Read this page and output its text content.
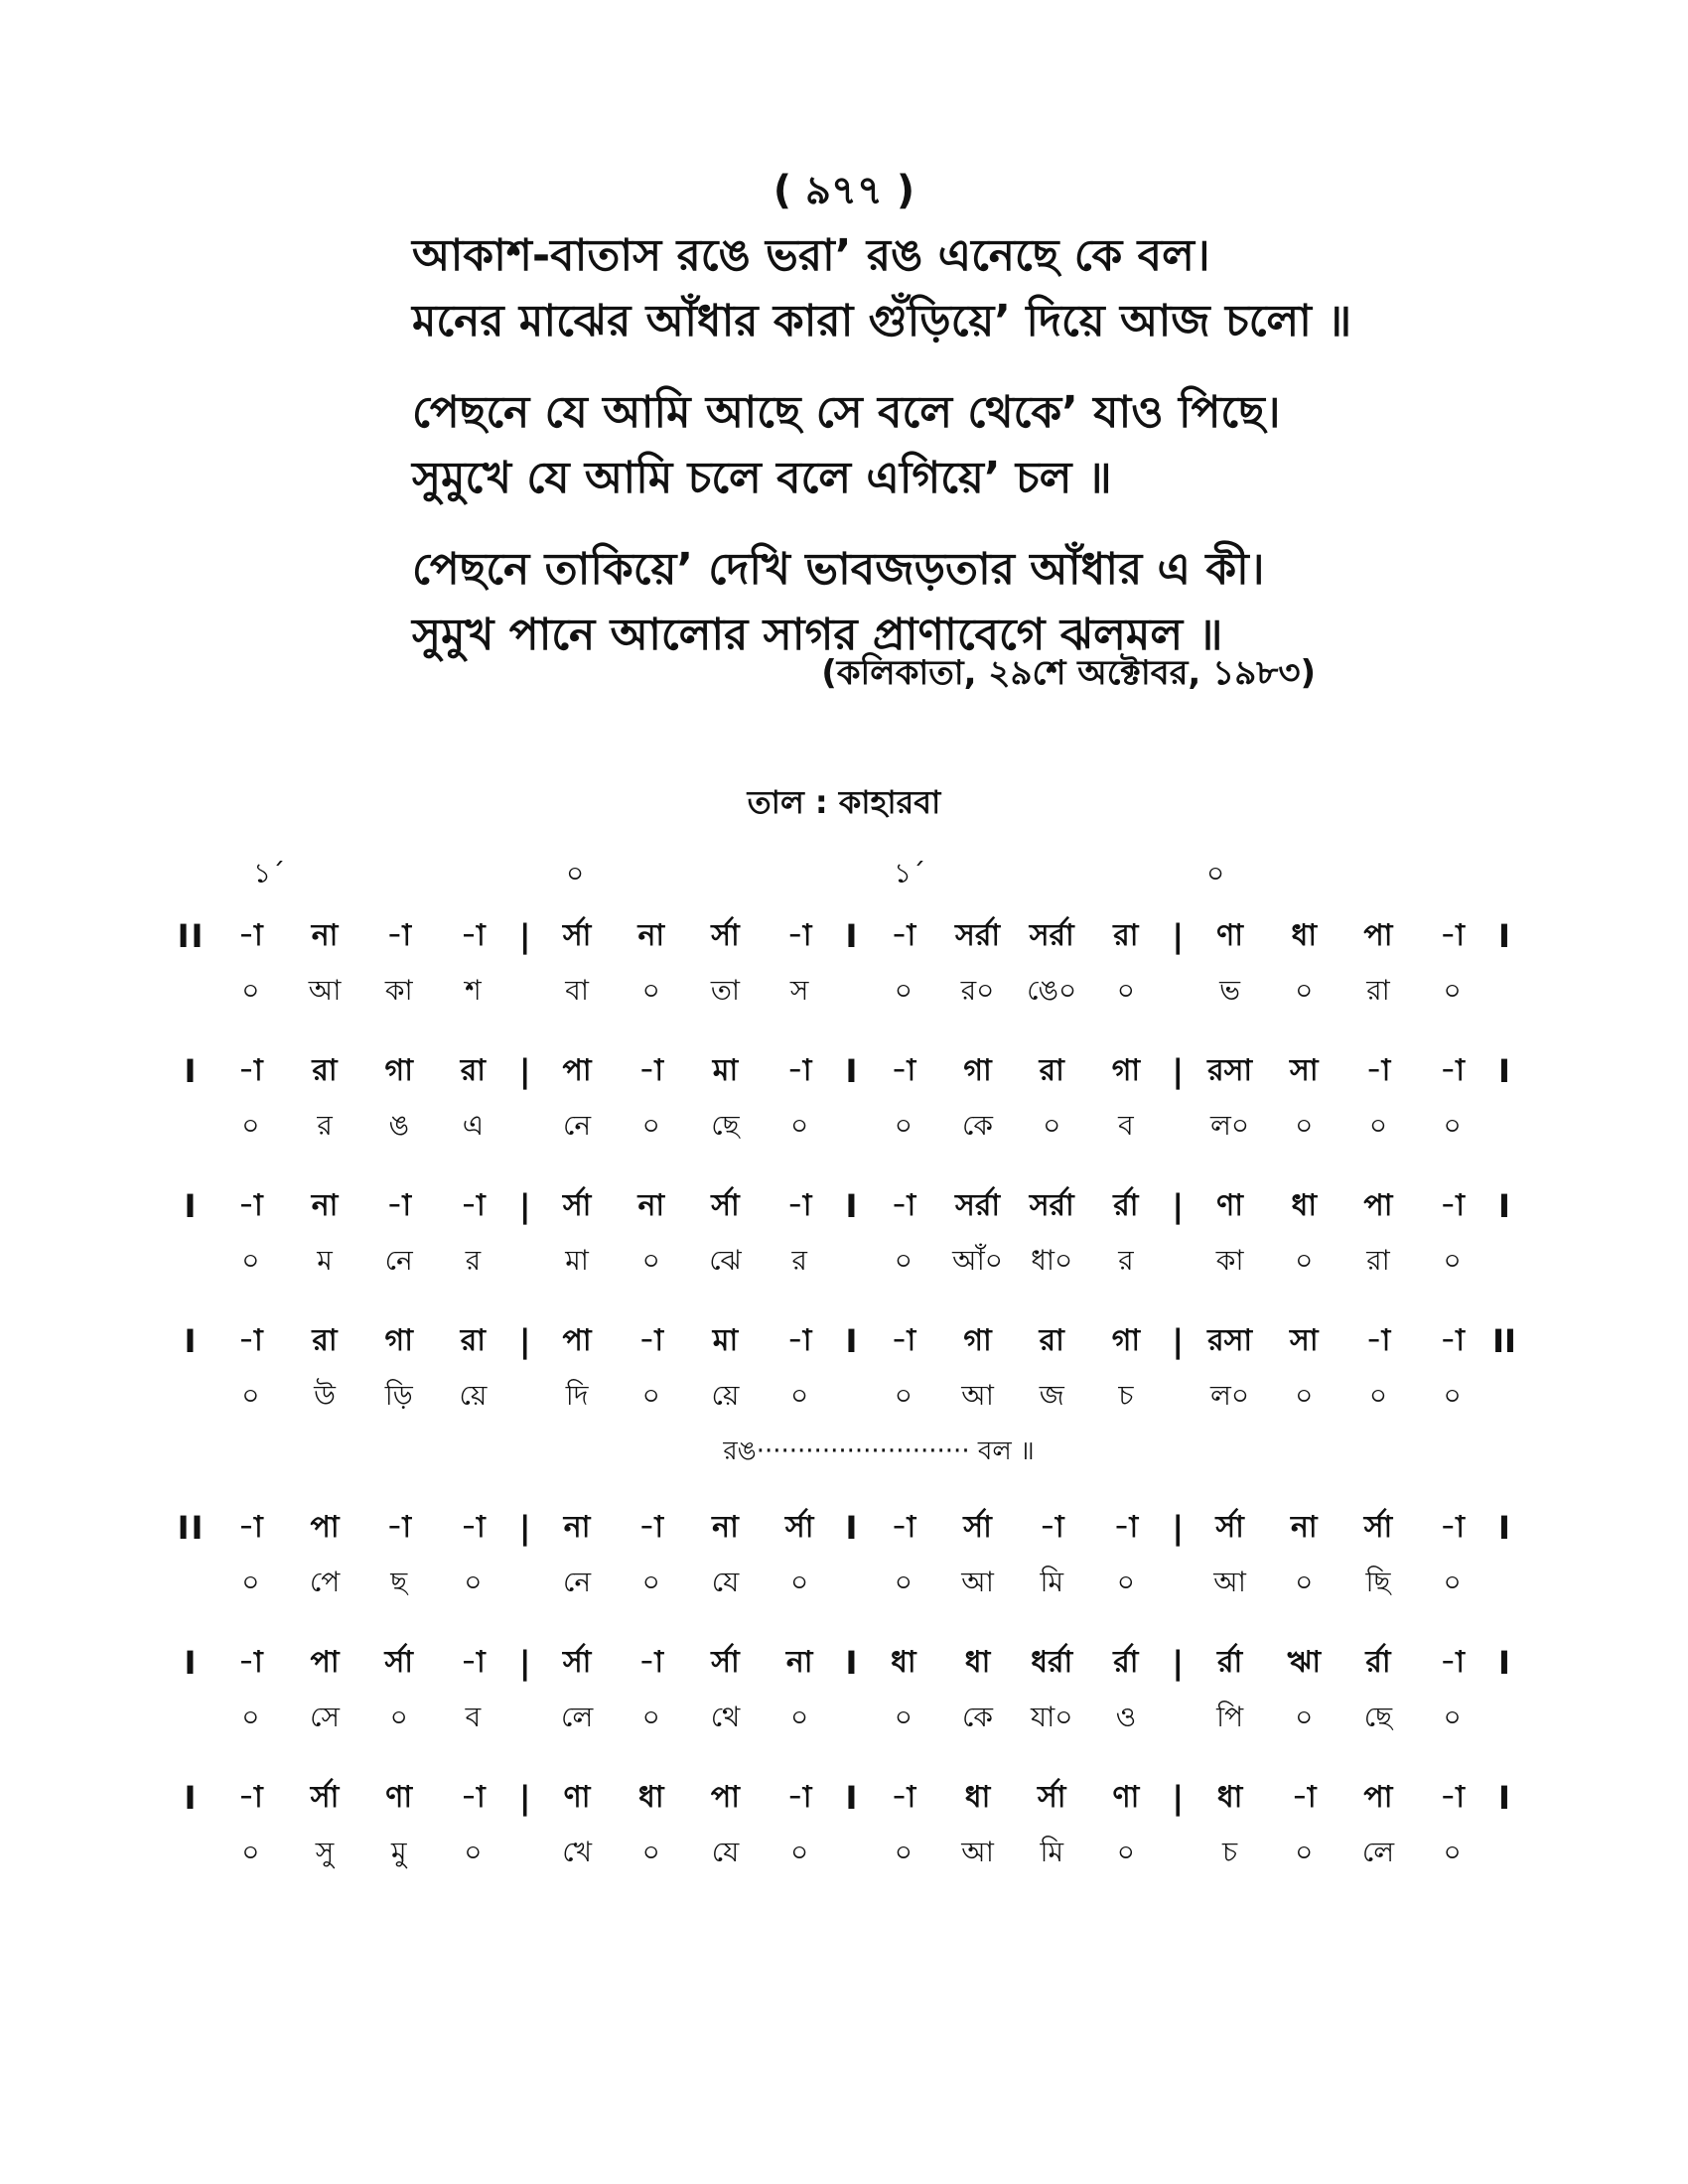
( ৯৭৭ )
আকাশ-বাতাস রঙে ভরা’ রঙ এনেছে কে বল।
মনের মাঝের আঁধার কারা গুঁড়িয়ে’ দিয়ে আজ চলো ॥
পেছনে যে আমি আছে সে বলে থেকে’ যাও পিছে।
সুমুখে যে আমি চলে বলে এগিয়ে’ চল ॥
পেছনে তাকিয়ে’ দেখি ভাবজড়তার আঁধার এ কী।
সুমুখ পানে আলোর সাগর প্রাণাবেগে ঝলমল ॥
(কলিকাতা, ২৯শে অক্টোবর, ১৯৮৩)
তাল : কাহারবা
১´	০	১´	০
II	-া	না	-া	-া	|	র্সা	না	র্সা	-া	I	-া	সর্রা সর্রা	রা	|	ণা	ধা	পা	-া	I
০	আ	কা	শ	বা	০	তা	স	০	র০	ঙে০	০	ভ	০	রা	০
I	-া	রা	গা	রা	|	পা	-া	মা	-া	I	-া	গা	রা	গা	| রসা	সা	-া	-া	I
০	র	ঙ	এ	নে	০	ছে	০	০	কে	০	ব	ল০	০	০	০
I	-া	না	-া	-া	|	র্সা	না	র্সা	-া	I	-া	সর্রা সর্রা	র্রা	|	ণা	ধা	পা	-া	I
০	ম	নে	র	মা	০	ঝে	র	০	আঁ০	ধা০	র	কা	০	রা	০
I	-া	রা	গা	রা	|	পা	-া	মা	-া	I	-া	গা	রা	গা	| রসা	সা	-া	-া II
০	উ	ড়ি	য়ে	দি	০	য়ে	০	০	আ	জ	চ	ল০	০	০	০
রঙ·························· বল ॥
II	-া	পা	-া	-া	|	না	-া	না	র্সা	I	-া	র্সা	-া	-া	|	র্সা	না	র্সা	-া	I
০	পে	ছ	০	নে	০	যে	০	০	আ	মি	০	আ	০	ছি	০
I	-া	পা	র্সা	-া	|	র্সা	-া	র্সা	না	I	ধা	ধা	ধর্রা	র্রা	|	র্রা	ঋা	র্রা	-া	I
০	সে	০	ব	লে	০	থে	০	০	কে	যা০	ও	পি	০	ছে	০
I	-া	র্সা	ণা	-া	|	ণা	ধা	পা	-া	I	-া	ধা	র্সা	ণা	|	ধা	-া	পা	-া	I
০	সু	মু	০	খে	০	যে	০	০	আ	মি	০	চ	০	লে	০
